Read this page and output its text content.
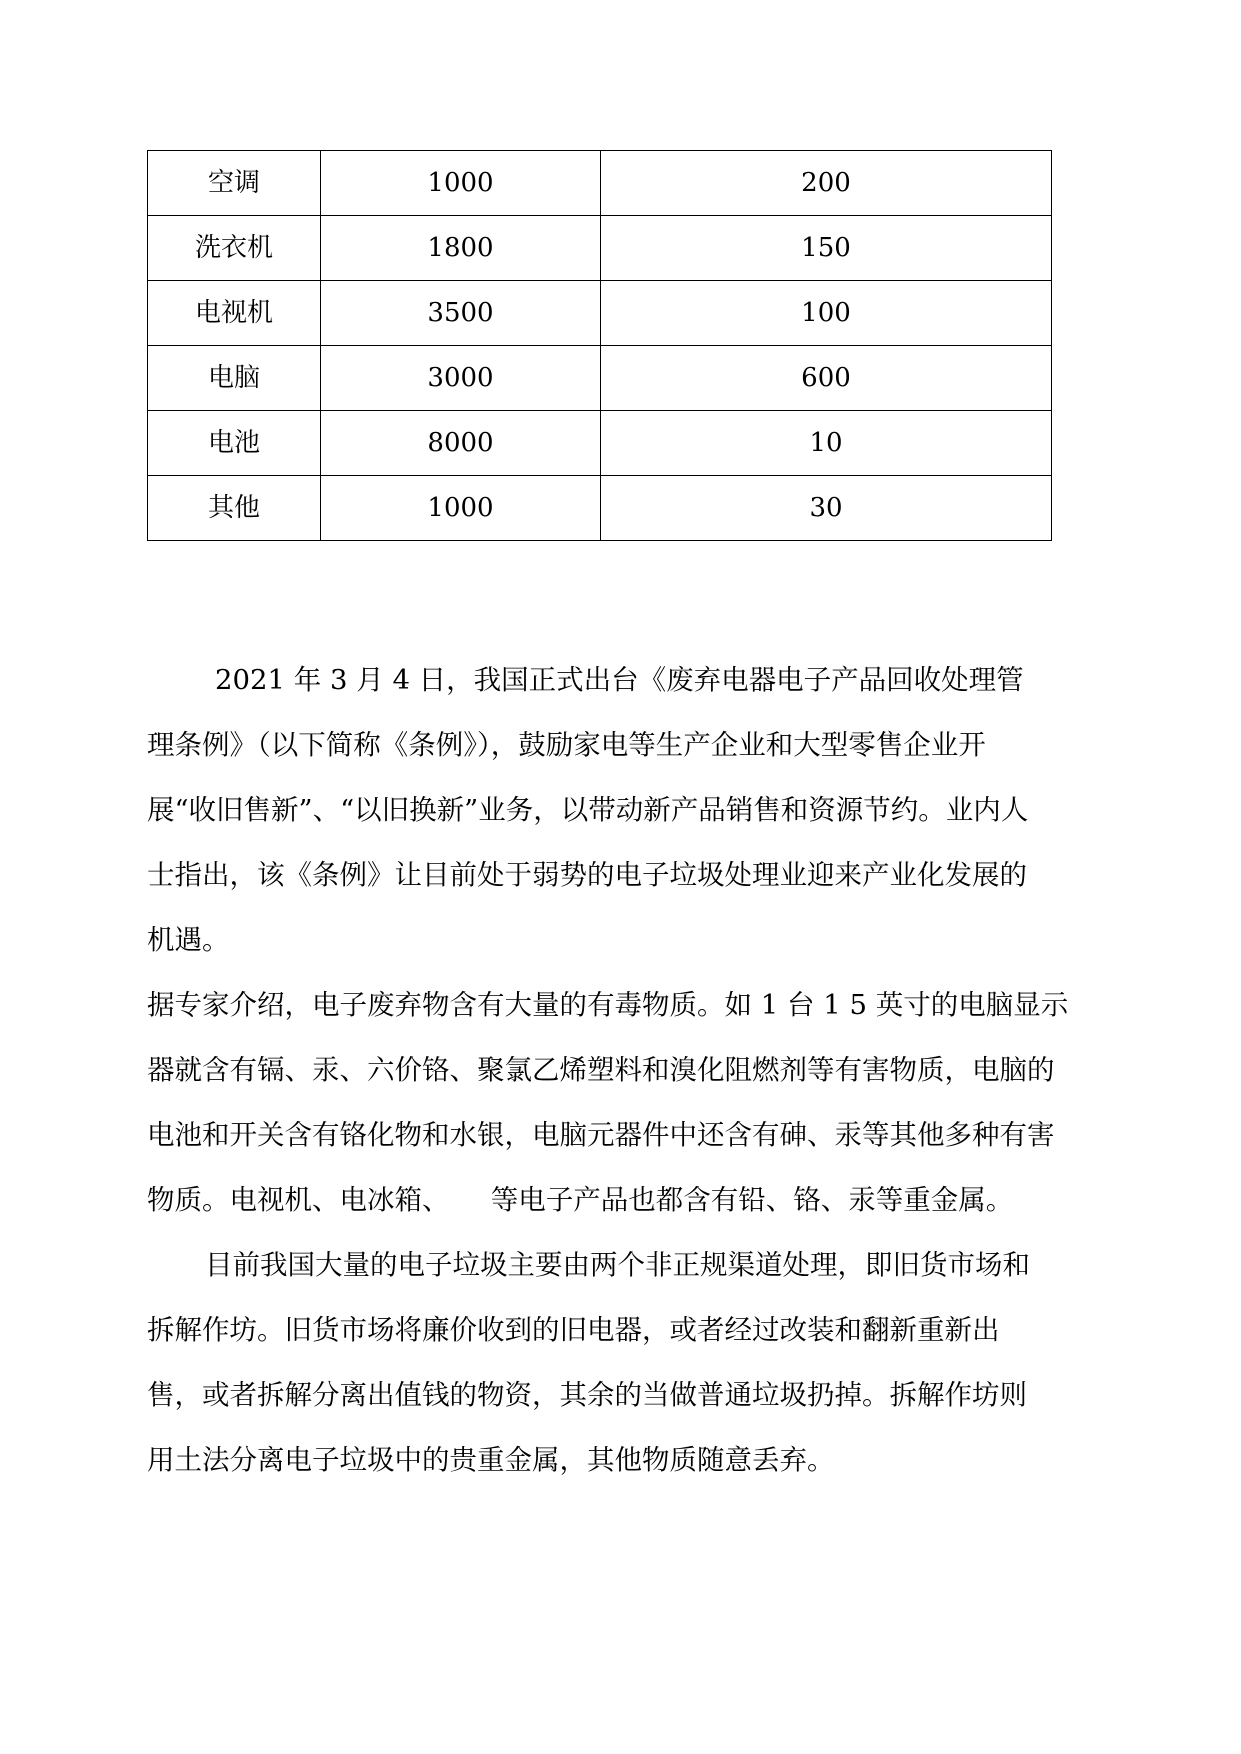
空调	1000	200
洗衣机	1800	150
电视机	3500	100
电脑	3000	600
电池	8000	10
其他	1000	30

2021 年 3 月 4 日，我国正式出台《废弃电器电子产品回收处理管理条例》（以下简称《条例》），鼓励家电等生产企业和大型零售企业开展“收旧售新”、“以旧换新”业务，以带动新产品销售和资源节约。业内人士指出，该《条例》让目前处于弱势的电子垃圾处理业迎来产业化发展的机遇。

据专家介绍，电子废弃物含有大量的有毒物质。如 1 台 1 5 英寸的电脑显示器就含有镉、汞、六价铬、聚氯乙烯塑料和溴化阻燃剂等有害物质，电脑的电池和开关含有铬化物和水银，电脑元器件中还含有砷、汞等其他多种有害物质。电视机、电冰箱、　　等电子产品也都含有铅、铬、汞等重金属。

目前我国大量的电子垃圾主要由两个非正规渠道处理，即旧货市场和拆解作坊。旧货市场将廉价收到的旧电器，或者经过改装和翻新重新出售，或者拆解分离出值钱的物资，其余的当做普通垃圾扔掉。拆解作坊则用土法分离电子垃圾中的贵重金属，其他物质随意丢弃。
